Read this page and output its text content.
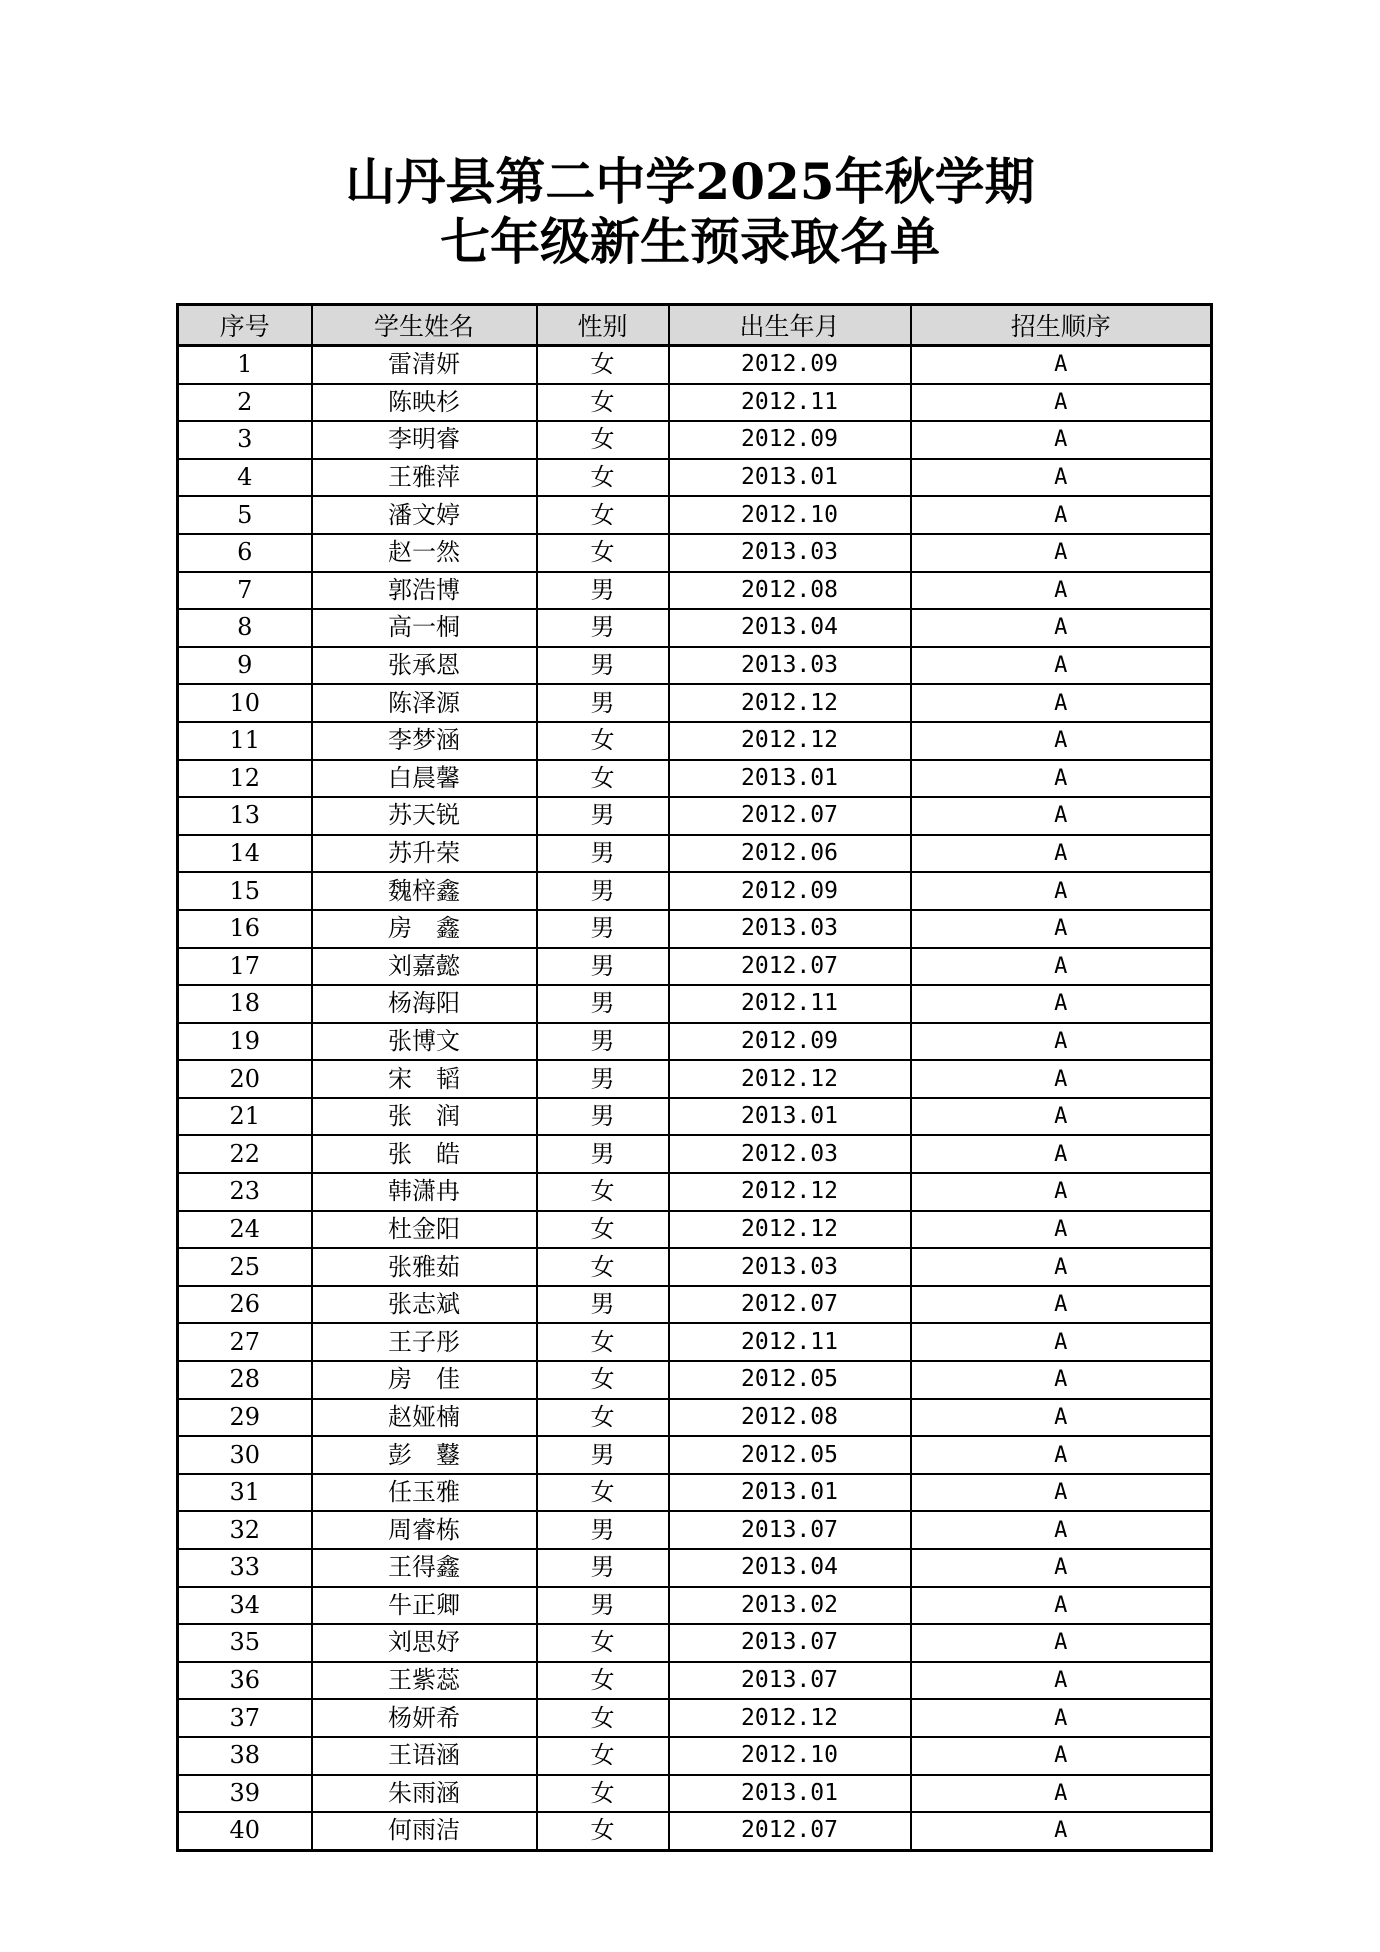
山丹县第二中学2025年秋学期
七年级新生预录取名单
序号	学生姓名	性别	出生年月	招生顺序
1	雷清妍	女	2012.09	A
2	陈映杉	女	2012.11	A
3	李明睿	女	2012.09	A
4	王雅萍	女	2013.01	A
5	潘文婷	女	2012.10	A
6	赵一然	女	2013.03	A
7	郭浩博	男	2012.08	A
8	高一桐	男	2013.04	A
9	张承恩	男	2013.03	A
10	陈泽源	男	2012.12	A
11	李梦涵	女	2012.12	A
12	白晨馨	女	2013.01	A
13	苏天锐	男	2012.07	A
14	苏升荣	男	2012.06	A
15	魏梓鑫	男	2012.09	A
16	房　鑫	男	2013.03	A
17	刘嘉懿	男	2012.07	A
18	杨海阳	男	2012.11	A
19	张博文	男	2012.09	A
20	宋　韬	男	2012.12	A
21	张　润	男	2013.01	A
22	张　皓	男	2012.03	A
23	韩潇冉	女	2012.12	A
24	杜金阳	女	2012.12	A
25	张雅茹	女	2013.03	A
26	张志斌	男	2012.07	A
27	王子彤	女	2012.11	A
28	房　佳	女	2012.05	A
29	赵娅楠	女	2012.08	A
30	彭　鼟	男	2012.05	A
31	任玉雅	女	2013.01	A
32	周睿栋	男	2013.07	A
33	王得鑫	男	2013.04	A
34	牛正卿	男	2013.02	A
35	刘思妤	女	2013.07	A
36	王紫蕊	女	2013.07	A
37	杨妍希	女	2012.12	A
38	王语涵	女	2012.10	A
39	朱雨涵	女	2013.01	A
40	何雨洁	女	2012.07	A
